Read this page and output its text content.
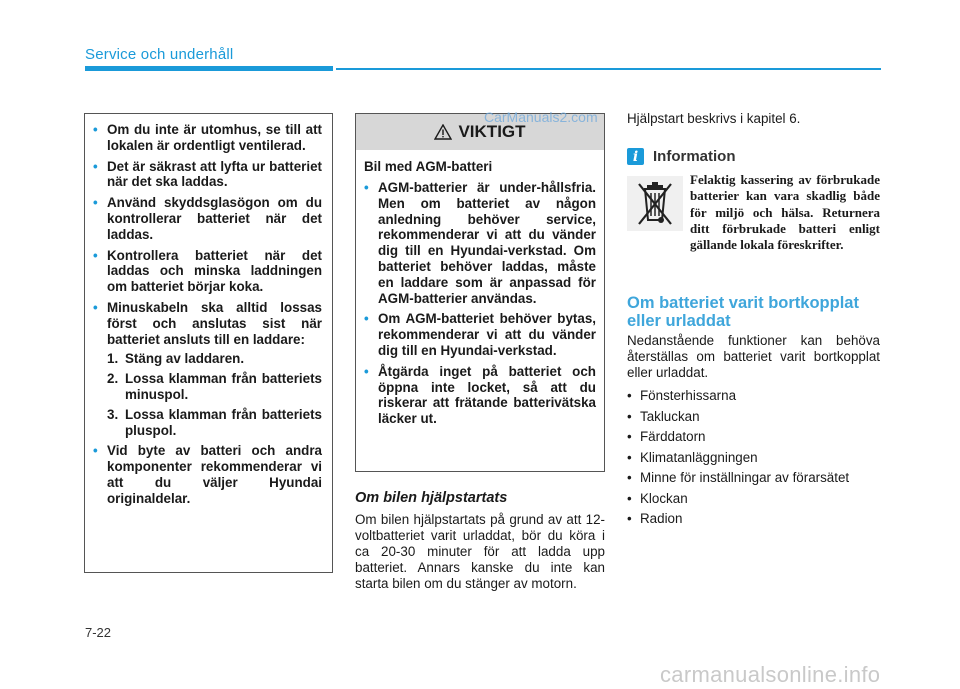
Service och underhåll
• Om du inte är utomhus, se till att lokalen är ordentligt ventilerad.
• Det är säkrast att lyfta ur batteriet när det ska laddas.
• Använd skyddsglasögon om du kontrollerar batteriet när det laddas.
• Kontrollera batteriet när det laddas och minska laddningen om batteriet börjar koka.
• Minuskabeln ska alltid lossas först och anslutas sist när batteriet ansluts till en laddare:
1. Stäng av laddaren.
2. Lossa klamman från batteriets minuspol.
3. Lossa klamman från batteriets pluspol.
• Vid byte av batteri och andra komponenter rekommenderar vi att du väljer Hyundai originaldelar.
VIKTIGT
Bil med AGM-batteri
• AGM-batterier är under-hållsfria. Men om batteriet av någon anledning behöver service, rekommenderar vi att du vänder dig till en Hyundai-verkstad. Om batteriet behöver laddas, måste en laddare som är anpassad för AGM-batterier användas.
• Om AGM-batteriet behöver bytas, rekommenderar vi att du vänder dig till en Hyundai-verkstad.
• Åtgärda inget på batteriet och öppna inte locket, så att du riskerar att frätande batterivätska läcker ut.
Om bilen hjälpstartats
Om bilen hjälpstartats på grund av att 12-voltbatteriet varit urladdat, bör du köra i ca 20-30 minuter för att ladda upp batteriet. Annars kanske du inte kan starta bilen om du stänger av motorn.
Hjälpstart beskrivs i kapitel 6.
i Information
Felaktig kassering av förbrukade batterier kan vara skadlig både för miljö och hälsa. Returnera ditt förbrukade batteri enligt gällande lokala föreskrifter.
Om batteriet varit bortkopplat eller urladdat
Nedanstående funktioner kan behöva återställas om batteriet varit bortkopplat eller urladdat.
• Fönsterhissarna
• Takluckan
• Färddatorn
• Klimatanläggningen
• Minne för inställningar av förarsätet
• Klockan
• Radion
7-22
CarManuals2.com
carmanualsonline.info
